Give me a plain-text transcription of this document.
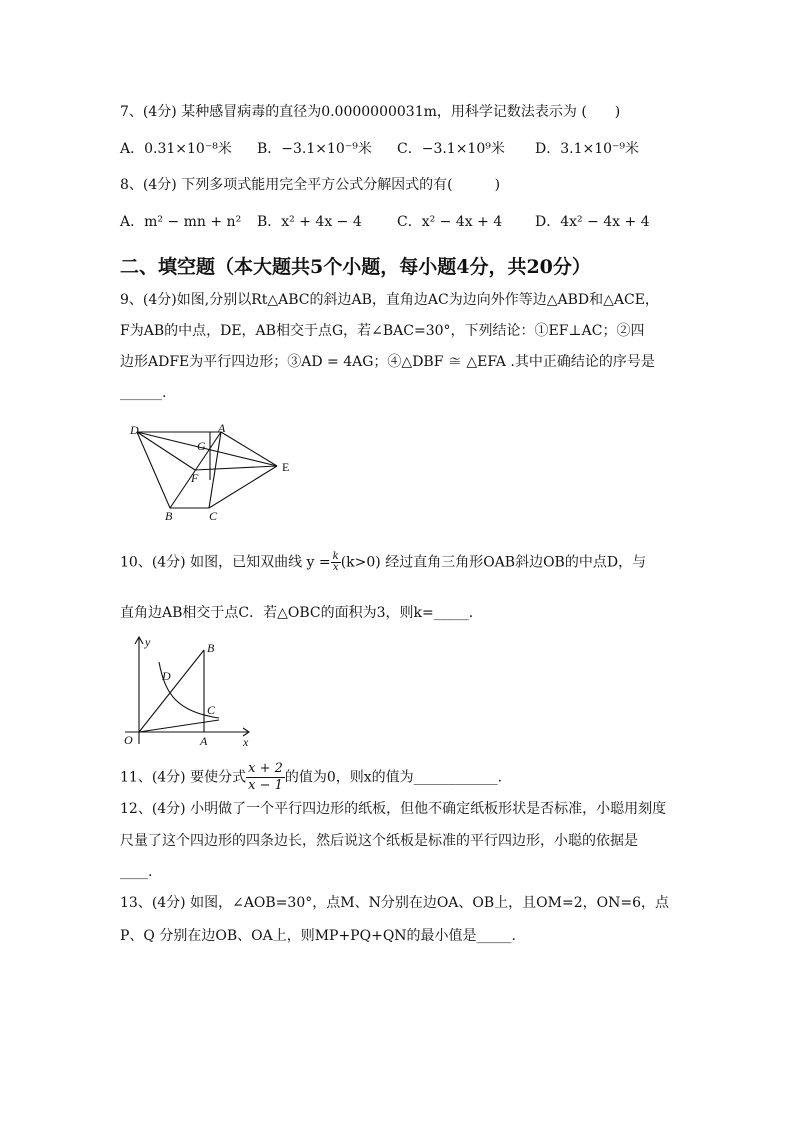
7、(4分) 某种感冒病毒的直径为0.0000000031m，用科学记数法表示为 (　　)
A．0.31×10⁻⁸米 B．−3.1×10⁻⁹米 C．−3.1×10⁹米 D．3.1×10⁻⁹米
8、(4分) 下列多项式能用完全平方公式分解因式的有(　　　)
A．m² − mn + n² B．x² + 4x − 4	C．x² − 4x + 4 D．4x² − 4x + 4
二、填空题（本大题共5个小题，每小题4分，共20分）
9、(4分)如图,分别以Rt△ABC的斜边AB，直角边AC为边向外作等边△ABD和△ACE，
F为AB的中点，DE，AB相交于点G，若∠BAC=30°，下列结论：①EF⊥AC；②四
边形ADFE为平行四边形；③AD = 4AG；④△DBF ≅ △EFA .其中正确结论的序号是
______.
D	A
G
F
E
B	C
10、(4分) 如图，已知双曲线 $y = \frac{k}{x} (k>0)$ 经过直角三角形OAB斜边OB的中点D，与
直角边AB相交于点C．若△OBC的面积为3，则k=_____.
y	B
D
C
O	A	x
11、(4分) 要使分式 $\frac{x + 2}{x - 1}$ 的值为0，则x的值为____________.
12、(4分) 小明做了一个平行四边形的纸板，但他不确定纸板形状是否标准，小聪用刻度
尺量了这个四边形的四条边长，然后说这个纸板是标准的平行四边形，小聪的依据是
____.
13、(4分) 如图，∠AOB=30°，点M、N分别在边OA、OB上，且OM=2，ON=6，点
P、Q 分别在边OB、OA上，则MP+PQ+QN的最小值是_____.
